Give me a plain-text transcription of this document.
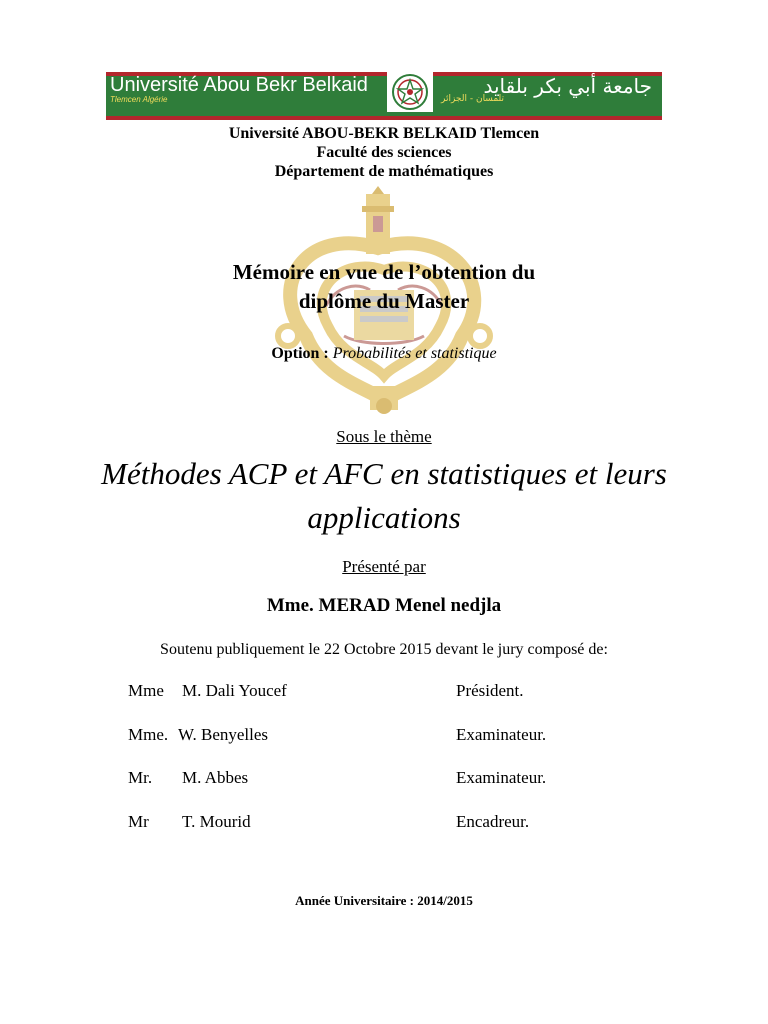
Université Abou Bekr Belkaid
Tlemcen Algérie	تلمسان - الجزائر
جامعة أبي بكر بلقايد
Université ABOU-BEKR BELKAID Tlemcen
Faculté des sciences
Département de mathématiques
Mémoire en vue de l’obtention du
diplôme du Master
Option : Probabilités et statistique
Sous le thème
Méthodes ACP et AFC en statistiques et leurs
applications
Présenté par
Mme. MERAD Menel nedjla
Soutenu publiquement le 22 Octobre 2015 devant le jury composé de:
Mme M. Dali Youcef	Président.
Mme. W. Benyelles	Examinateur.
Mr. M. Abbes	Examinateur.
Mr T. Mourid	Encadreur.
Année Universitaire : 2014/2015
